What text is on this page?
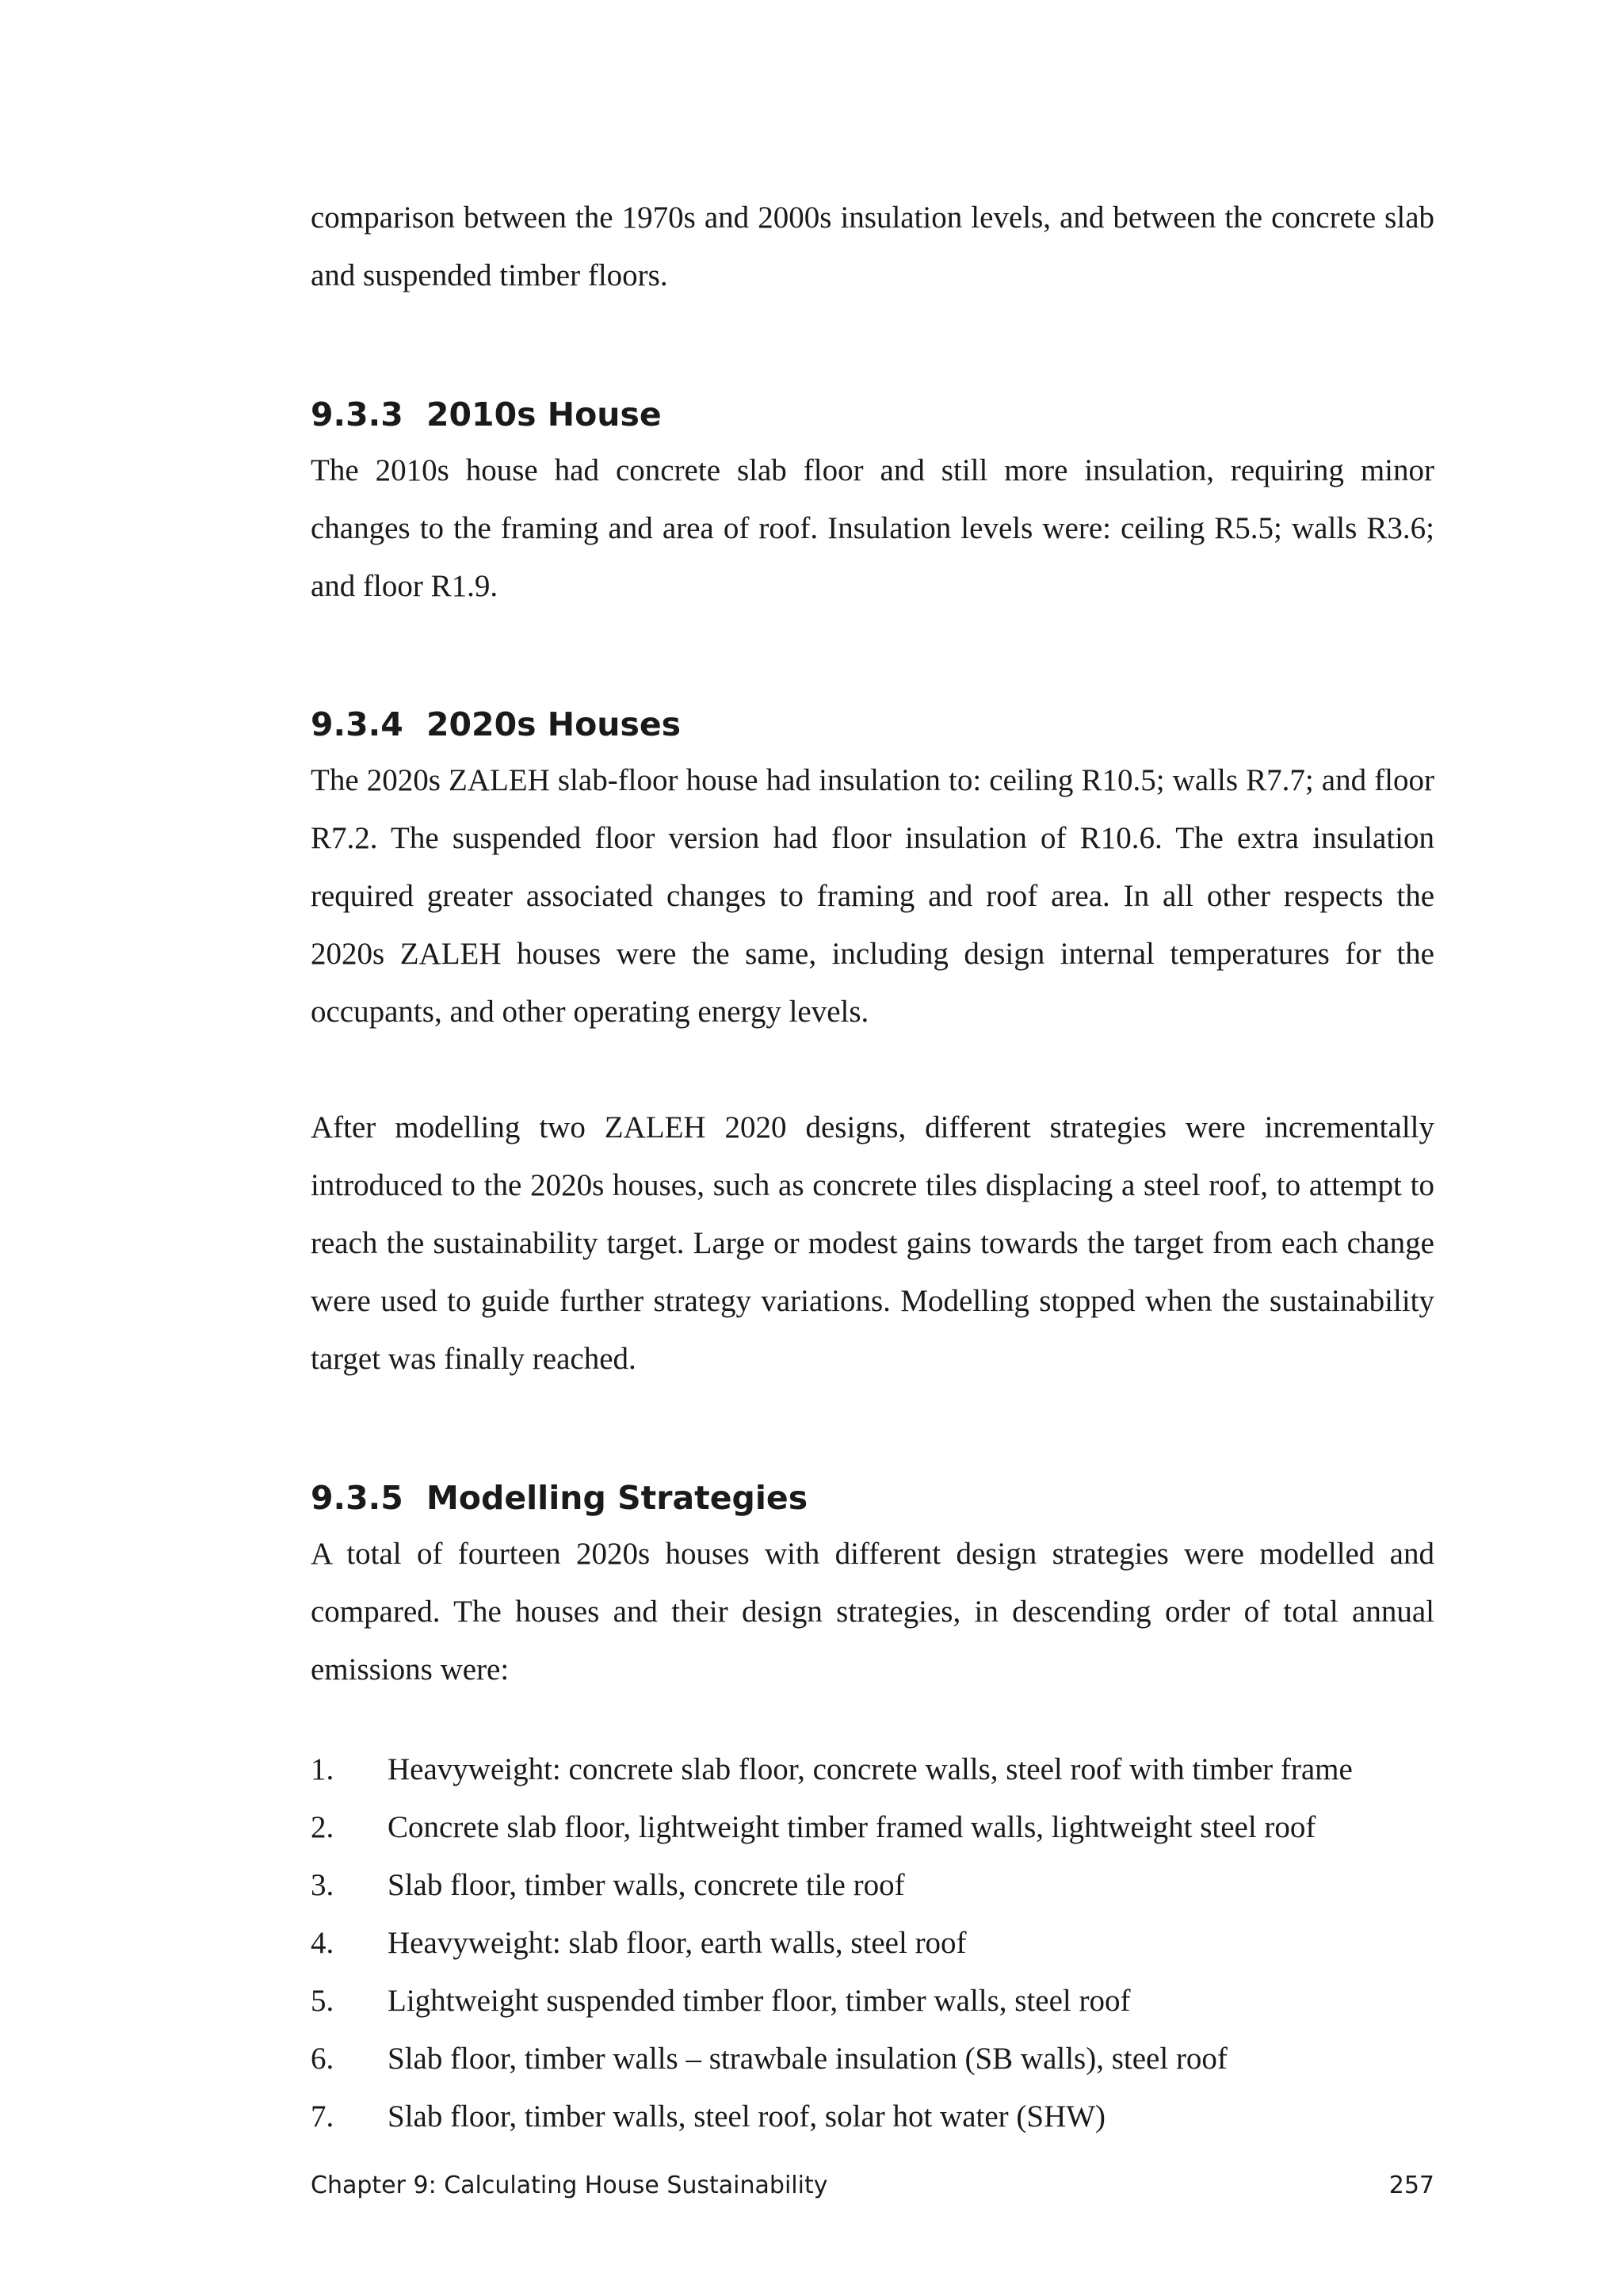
comparison between the 1970s and 2000s insulation levels, and between the concrete slab and suspended timber floors.

9.3.3 2010s House

The 2010s house had concrete slab floor and still more insulation, requiring minor changes to the framing and area of roof. Insulation levels were: ceiling R5.5; walls R3.6; and floor R1.9.

9.3.4 2020s Houses

The 2020s ZALEH slab-floor house had insulation to: ceiling R10.5; walls R7.7; and floor R7.2. The suspended floor version had floor insulation of R10.6. The extra insulation required greater associated changes to framing and roof area. In all other respects the 2020s ZALEH houses were the same, including design internal temperatures for the occupants, and other operating energy levels.

After modelling two ZALEH 2020 designs, different strategies were incrementally introduced to the 2020s houses, such as concrete tiles displacing a steel roof, to attempt to reach the sustainability target. Large or modest gains towards the target from each change were used to guide further strategy variations. Modelling stopped when the sustainability target was finally reached.

9.3.5 Modelling Strategies

A total of fourteen 2020s houses with different design strategies were modelled and compared. The houses and their design strategies, in descending order of total annual emissions were:

1.	Heavyweight: concrete slab floor, concrete walls, steel roof with timber frame
2.	Concrete slab floor, lightweight timber framed walls, lightweight steel roof
3.	Slab floor, timber walls, concrete tile roof
4.	Heavyweight: slab floor, earth walls, steel roof
5.	Lightweight suspended timber floor, timber walls, steel roof
6.	Slab floor, timber walls – strawbale insulation (SB walls), steel roof
7.	Slab floor, timber walls, steel roof, solar hot water (SHW)
Chapter 9: Calculating House Sustainability	257
